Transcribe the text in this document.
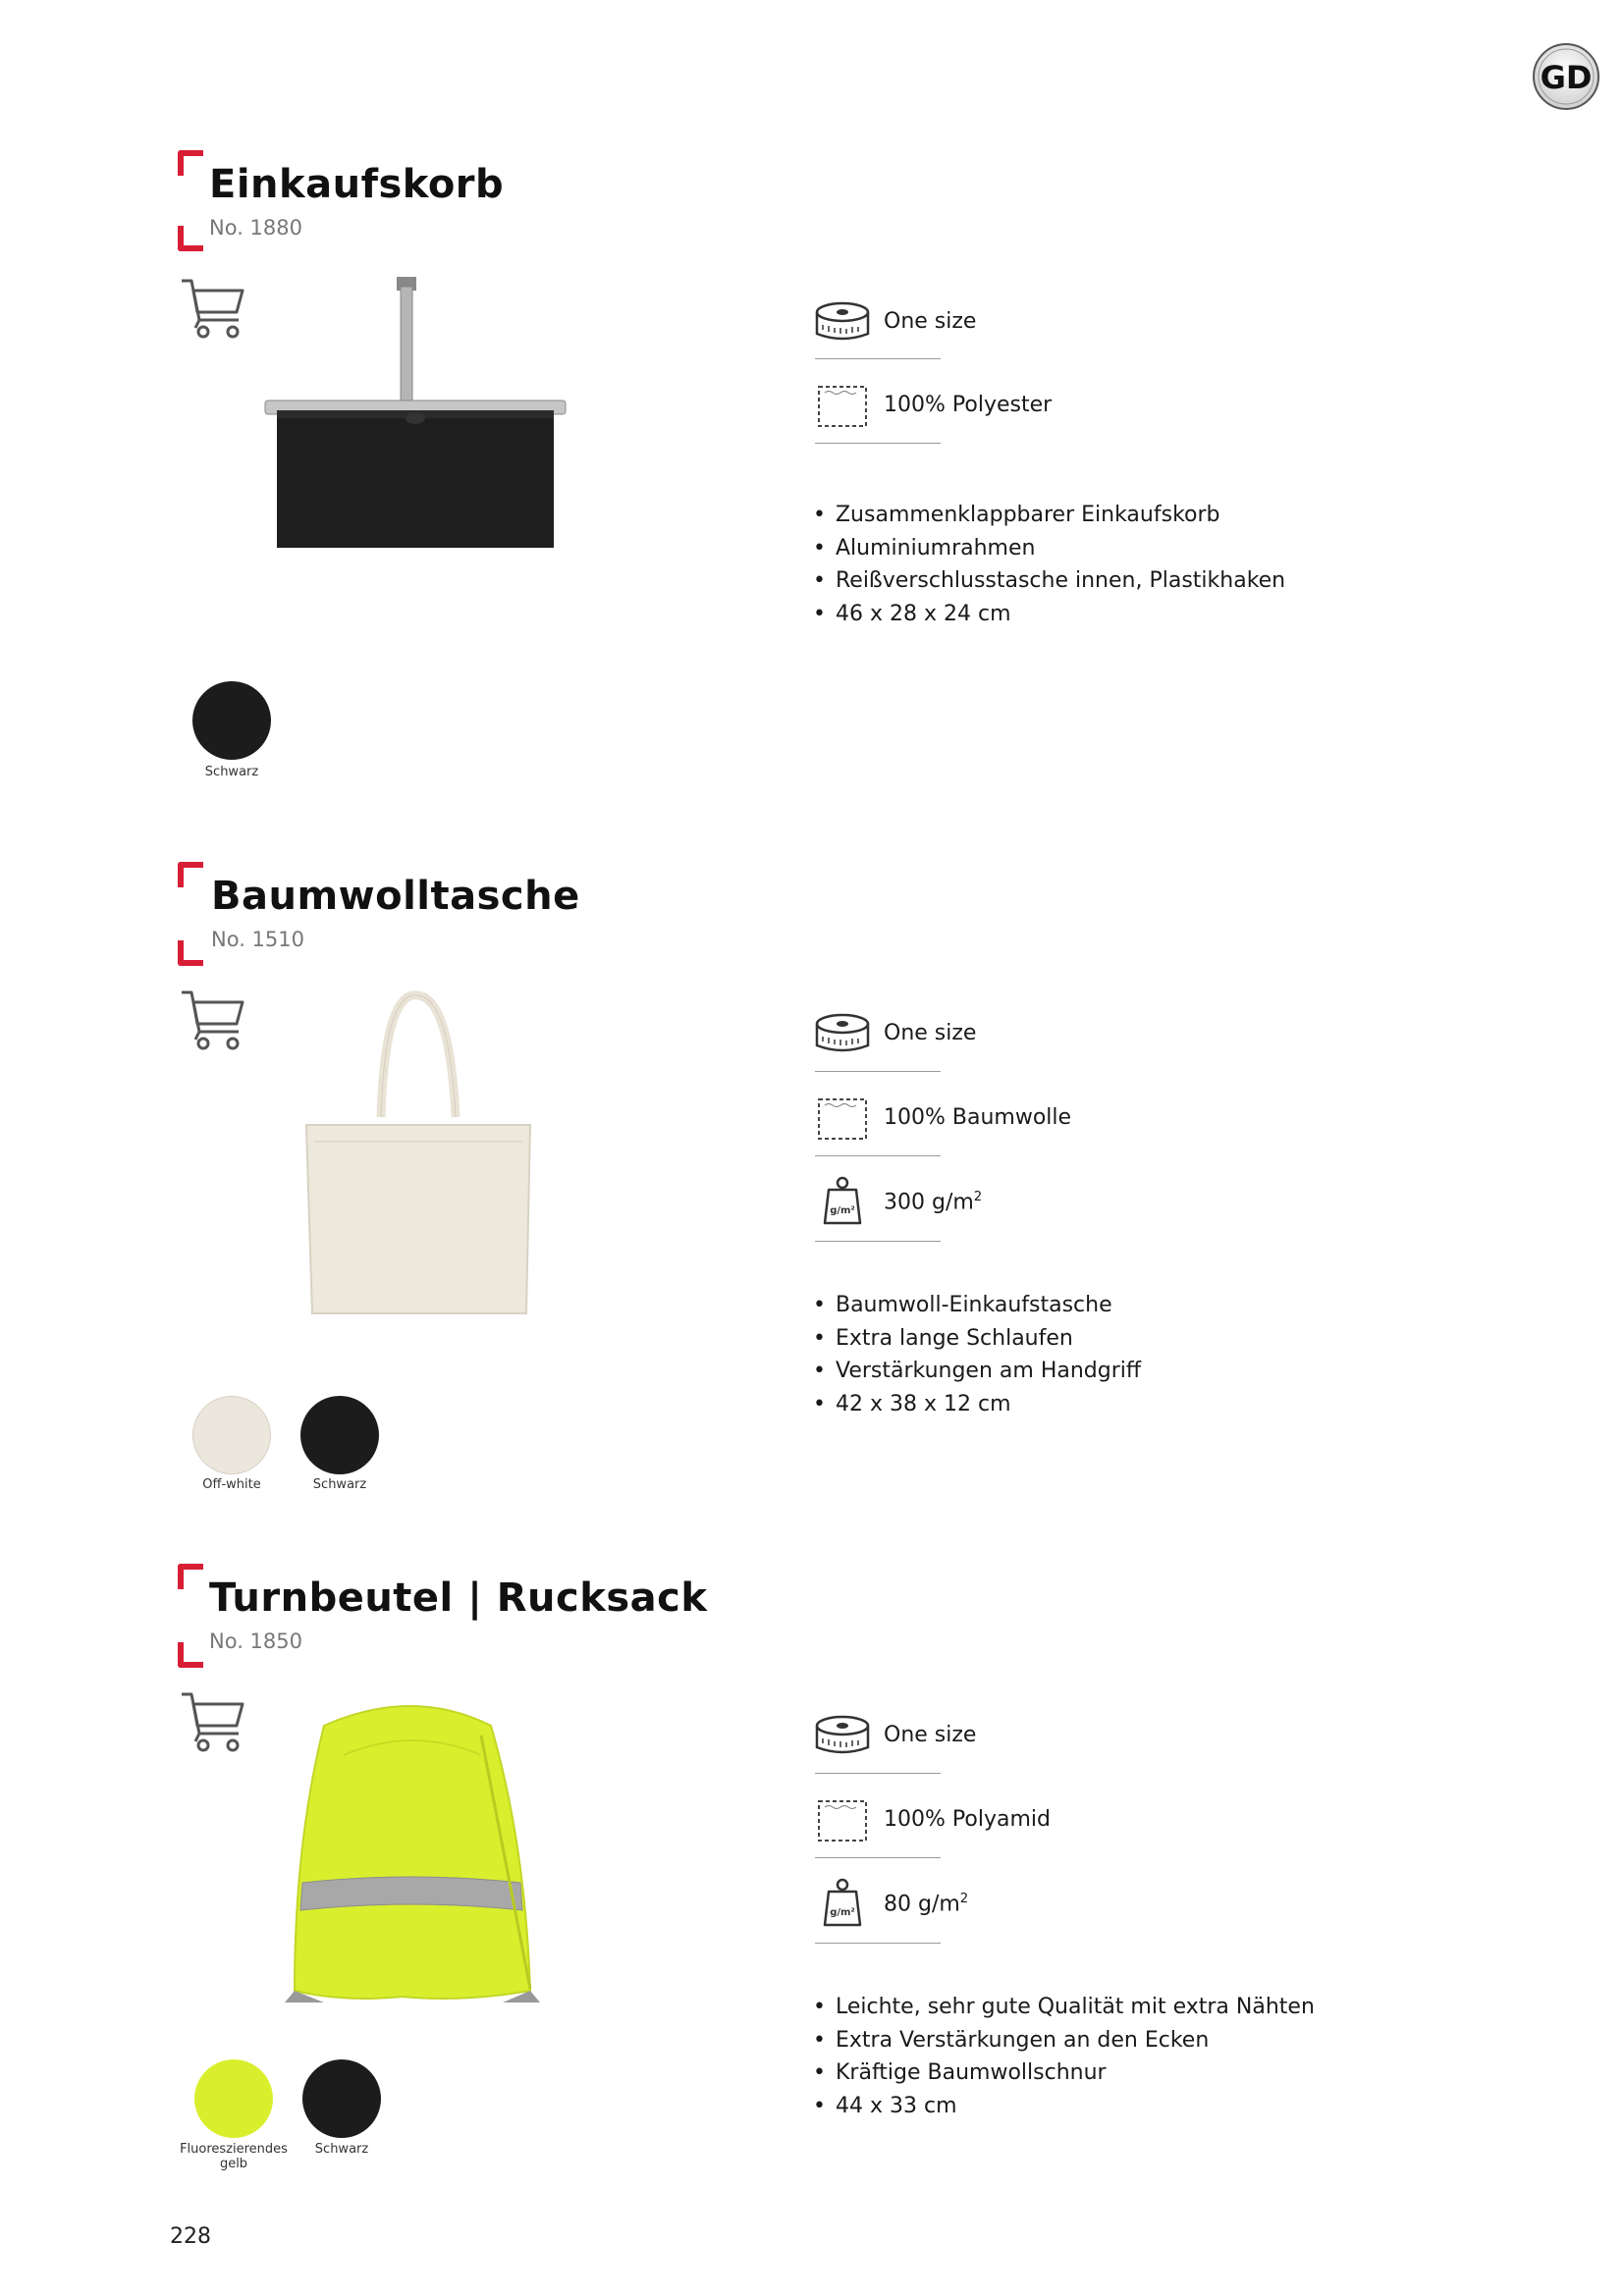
GD
Einkaufskorb
No. 1880
One size
100% Polyester
• Zusammenklappbarer Einkaufskorb
• Aluminiumrahmen
• Reißverschlusstasche innen, Plastikhaken
• 46 x 28 x 24 cm
Schwarz
Baumwolltasche
No. 1510
One size
100% Baumwolle
g/m² 300 $g/m^2$
• Baumwoll-Einkaufstasche
• Extra lange Schlaufen
• Verstärkungen am Handgriff
• 42 x 38 x 12 cm
Off-white	Schwarz
Turnbeutel | Rucksack
No. 1850
One size
100% Polyamid
g/m² 80 $g/m^2$
• Leichte, sehr gute Qualität mit extra Nähten
• Extra Verstärkungen an den Ecken
• Kräftige Baumwollschnur
• 44 x 33 cm
Fluoreszierendes gelb
Schwarz
228
